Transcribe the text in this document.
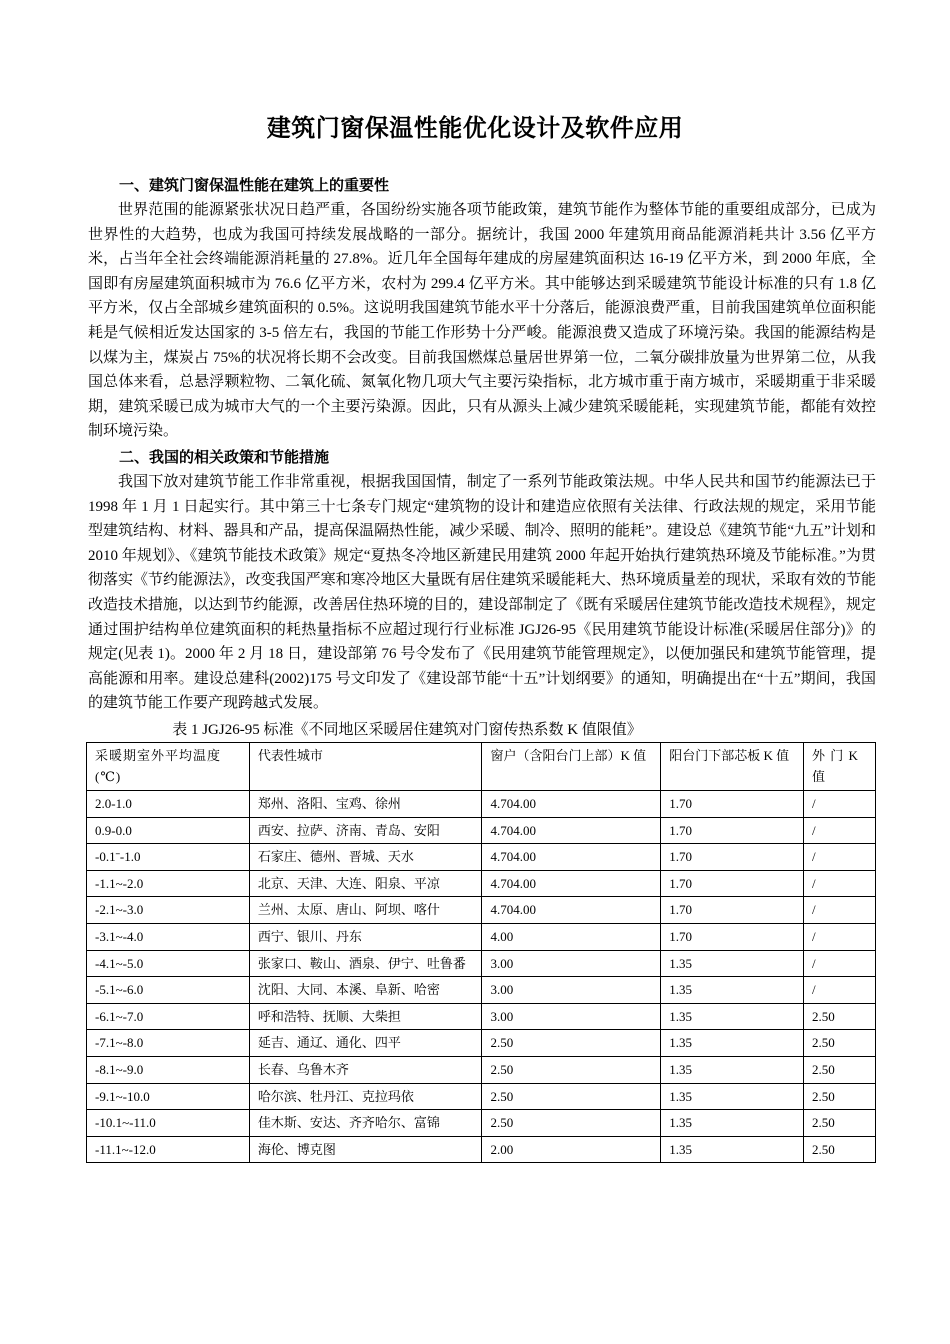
建筑门窗保温性能优化设计及软件应用
一、建筑门窗保温性能在建筑上的重要性

世界范围的能源紧张状况日趋严重，各国纷纷实施各项节能政策，建筑节能作为整体节能的重要组成部分，已成为世界性的大趋势，也成为我国可持续发展战略的一部分。据统计，我国 2000 年建筑用商品能源消耗共计 3.56 亿平方米，占当年全社会终端能源消耗量的 27.8%。近几年全国每年建成的房屋建筑面积达 16-19 亿平方米，到 2000 年底，全国即有房屋建筑面积城市为 76.6 亿平方米，农村为 299.4 亿平方米。其中能够达到采暖建筑节能设计标准的只有 1.8 亿平方米，仅占全部城乡建筑面积的 0.5%。这说明我国建筑节能水平十分落后，能源浪费严重，目前我国建筑单位面积能耗是气候相近发达国家的 3-5 倍左右，我国的节能工作形势十分严峻。能源浪费又造成了环境污染。我国的能源结构是以煤为主，煤炭占 75%的状况将长期不会改变。目前我国燃煤总量居世界第一位，二氧分碳排放量为世界第二位，从我国总体来看，总悬浮颗粒物、二氧化硫、氮氧化物几项大气主要污染指标，北方城市重于南方城市，采暖期重于非采暖期，建筑采暖已成为城市大气的一个主要污染源。因此，只有从源头上减少建筑采暖能耗，实现建筑节能，都能有效控制环境污染。

二、我国的相关政策和节能措施

我国下放对建筑节能工作非常重视，根据我国国情，制定了一系列节能政策法规。中华人民共和国节约能源法已于 1998 年 1 月 1 日起实行。其中第三十七条专门规定“建筑物的设计和建造应依照有关法律、行政法规的规定，采用节能型建筑结构、材料、器具和产品，提高保温隔热性能，减少采暖、制冷、照明的能耗”。建设总《建筑节能“九五”计划和 2010 年规划》、《建筑节能技术政策》规定“夏热冬冷地区新建民用建筑 2000 年起开始执行建筑热环境及节能标准。”为贯彻落实《节约能源法》，改变我国严寒和寒冷地区大量既有居住建筑采暖能耗大、热环境质量差的现状，采取有效的节能改造技术措施，以达到节约能源，改善居住热环境的目的，建设部制定了《既有采暖居住建筑节能改造技术规程》，规定通过围护结构单位建筑面积的耗热量指标不应超过现行行业标准 JGJ26-95《民用建筑节能设计标准(采暖居住部分)》的规定(见表 1)。2000 年 2 月 18 日，建设部第 76 号令发布了《民用建筑节能管理规定》，以便加强民和建筑节能管理，提高能源和用率。建设总建科(2002)175 号文印发了《建设部节能“十五”计划纲要》的通知，明确提出在“十五”期间，我国的建筑节能工作要产现跨越式发展。

表 1 JGJ26-95 标准《不同地区采暖居住建筑对门窗传热系数 K 值限值》
采暖期室外平均温度(℃)	代表性城市	窗户（含阳台门上部）K 值	阳台门下部芯板 K 值	外 门 K 值
2.0-1.0	郑州、洛阳、宝鸡、徐州	4.704.00	1.70	/
0.9-0.0	西安、拉萨、济南、青岛、安阳	4.704.00	1.70	/
-0.1ˉ-1.0	石家庄、德州、晋城、天水	4.704.00	1.70	/
-1.1~-2.0	北京、天津、大连、阳泉、平凉	4.704.00	1.70	/
-2.1~-3.0	兰州、太原、唐山、阿坝、喀什	4.704.00	1.70	/
-3.1~-4.0	西宁、银川、丹东	4.00	1.70	/
-4.1~-5.0	张家口、鞍山、酒泉、伊宁、吐鲁番	3.00	1.35	/
-5.1~-6.0	沈阳、大同、本溪、阜新、哈密	3.00	1.35	/
-6.1~-7.0	呼和浩特、抚顺、大柴担	3.00	1.35	2.50
-7.1~-8.0	延吉、通辽、通化、四平	2.50	1.35	2.50
-8.1~-9.0	长春、乌鲁木齐	2.50	1.35	2.50
-9.1~-10.0	哈尔滨、牡丹江、克拉玛依	2.50	1.35	2.50
-10.1~-11.0	佳木斯、安达、齐齐哈尔、富锦	2.50	1.35	2.50
-11.1~-12.0	海伦、博克图	2.00	1.35	2.50
